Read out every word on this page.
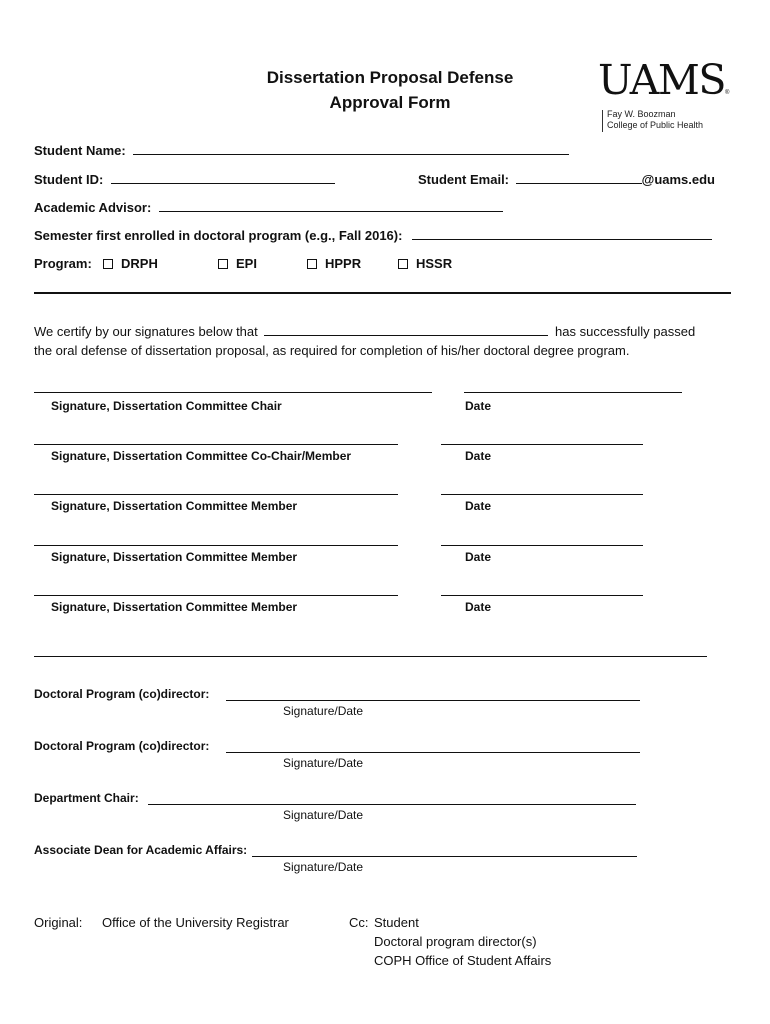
Dissertation Proposal Defense
Approval Form	UAMS ®
Fay W. Boozman
College of Public Health
Student Name:
Student ID:	Student Email:	@uams.edu
Academic Advisor:
Semester first enrolled in doctoral program (e.g., Fall 2016):
Program:	DRPH	EPI	HPPR	HSSR
We certify by our signatures below that	has successfully passed
the oral defense of dissertation proposal, as required for completion of his/her doctoral degree program.
Signature, Dissertation Committee Chair	Date
Signature, Dissertation Committee Co-Chair/Member	Date
Signature, Dissertation Committee Member	Date
Signature, Dissertation Committee Member	Date
Signature, Dissertation Committee Member	Date
Doctoral Program (co)director:
Signature/Date
Doctoral Program (co)director:
Signature/Date
Department Chair:
Signature/Date
Associate Dean for Academic Affairs:
Signature/Date
Original: Office of the University Registrar	Cc: Student
Doctoral program director(s)
COPH Office of Student Affairs
